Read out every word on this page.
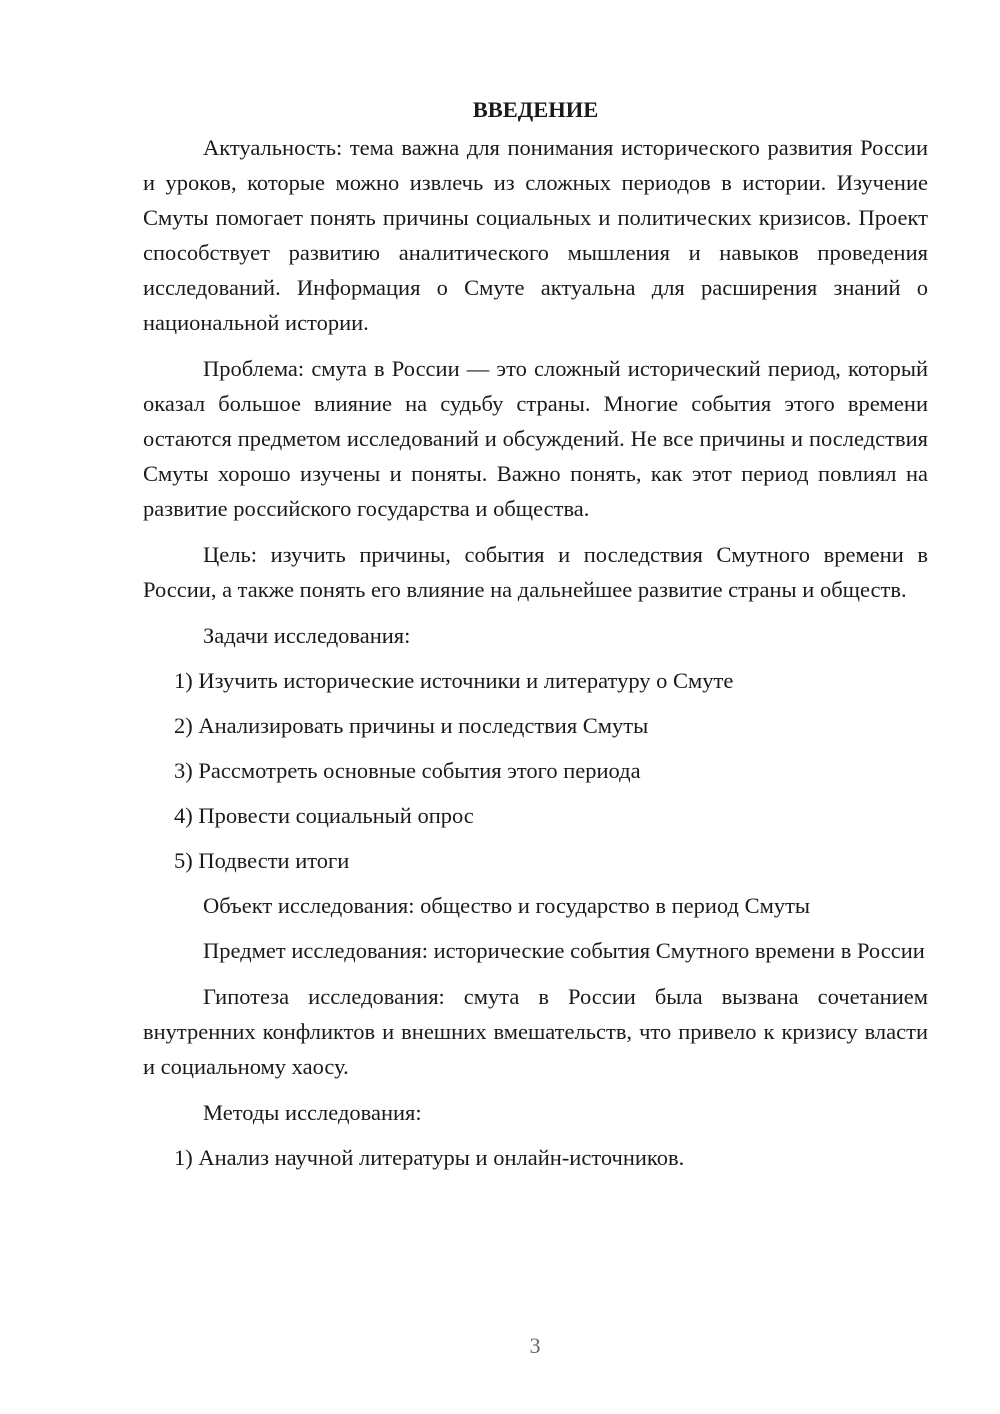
ВВЕДЕНИЕ
Актуальность: тема важна для понимания исторического развития России и уроков, которые можно извлечь из сложных периодов в истории. Изучение Смуты помогает понять причины социальных и политических кризисов. Проект способствует развитию аналитического мышления и навыков проведения исследований. Информация о Смуте актуальна для расширения знаний о национальной истории.
Проблема: смута в России — это сложный исторический период, который оказал большое влияние на судьбу страны. Многие события этого времени остаются предметом исследований и обсуждений. Не все причины и последствия Смуты хорошо изучены и поняты. Важно понять, как этот период повлиял на развитие российского государства и общества.
Цель: изучить причины, события и последствия Смутного времени в России, а также понять его влияние на дальнейшее развитие страны и обществ.
Задачи исследования:
1) Изучить исторические источники и литературу о Смуте
2) Анализировать причины и последствия Смуты
3) Рассмотреть основные события этого периода
4) Провести социальный опрос
5) Подвести итоги
Объект исследования: общество и государство в период Смуты
Предмет исследования: исторические события Смутного времени в России
Гипотеза исследования: смута в России была вызвана сочетанием внутренних конфликтов и внешних вмешательств, что привело к кризису власти и социальному хаосу.
Методы исследования:
1) Анализ научной литературы и онлайн-источников.
3
